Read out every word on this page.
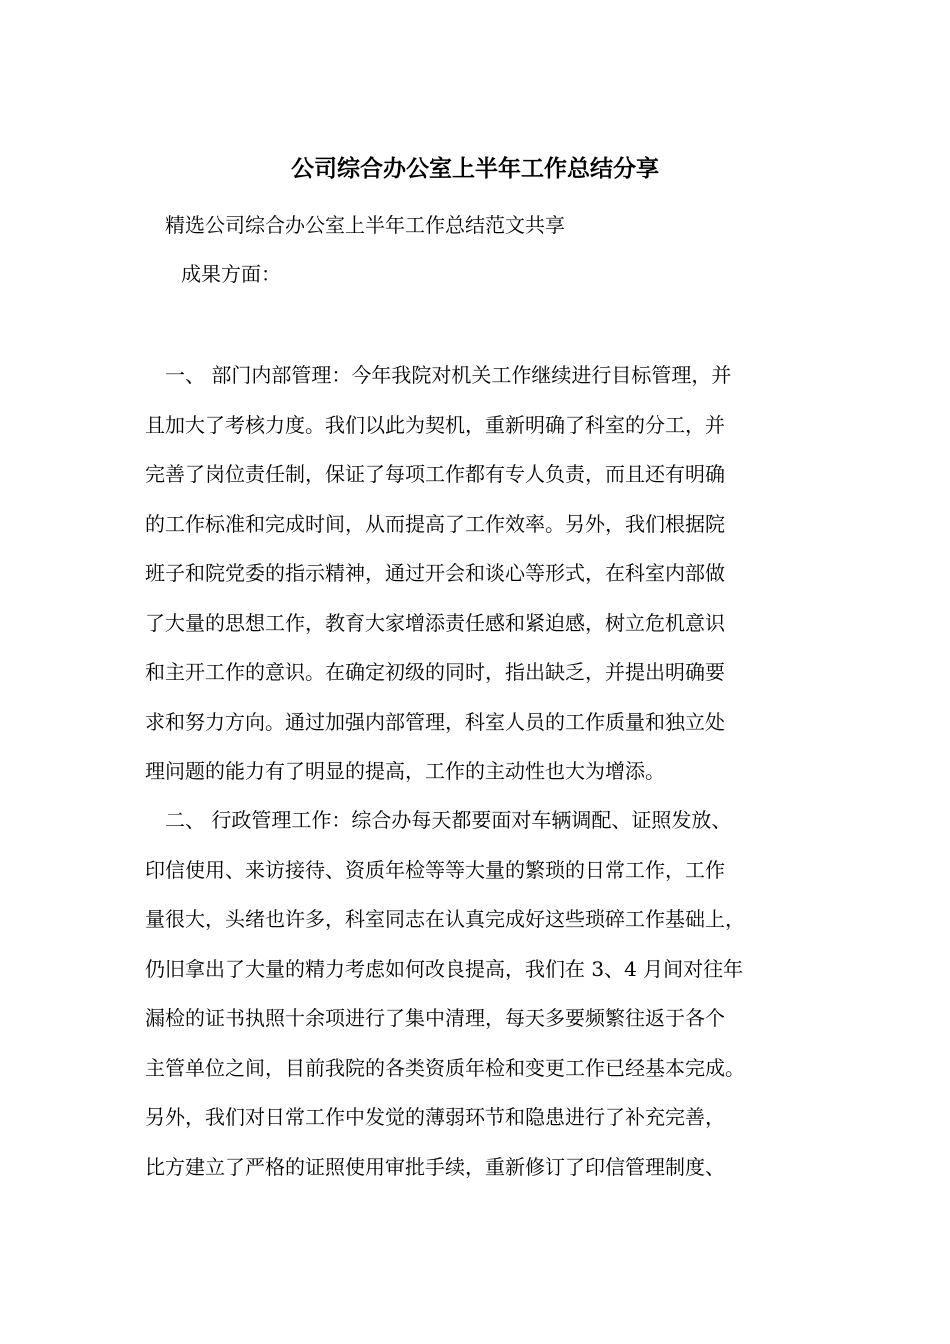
公司综合办公室上半年工作总结分享

精选公司综合办公室上半年工作总结范文共享

成果方面：

一、 部门内部管理：今年我院对机关工作继续进行目标管理，并
且加大了考核力度。我们以此为契机，重新明确了科室的分工，并
完善了岗位责任制，保证了每项工作都有专人负责，而且还有明确
的工作标准和完成时间，从而提高了工作效率。另外，我们根据院
班子和院党委的指示精神，通过开会和谈心等形式，在科室内部做
了大量的思想工作，教育大家增添责任感和紧迫感，树立危机意识
和主开工作的意识。在确定初级的同时，指出缺乏，并提出明确要
求和努力方向。通过加强内部管理，科室人员的工作质量和独立处
理问题的能力有了明显的提高，工作的主动性也大为增添。
二、 行政管理工作：综合办每天都要面对车辆调配、证照发放、
印信使用、来访接待、资质年检等等大量的繁琐的日常工作，工作
量很大，头绪也许多，科室同志在认真完成好这些琐碎工作基础上，
仍旧拿出了大量的精力考虑如何改良提高，我们在 3、4 月间对往年
漏检的证书执照十余项进行了集中清理，每天多要频繁往返于各个
主管单位之间，目前我院的各类资质年检和变更工作已经基本完成。
另外，我们对日常工作中发觉的薄弱环节和隐患进行了补充完善，
比方建立了严格的证照使用审批手续，重新修订了印信管理制度、
